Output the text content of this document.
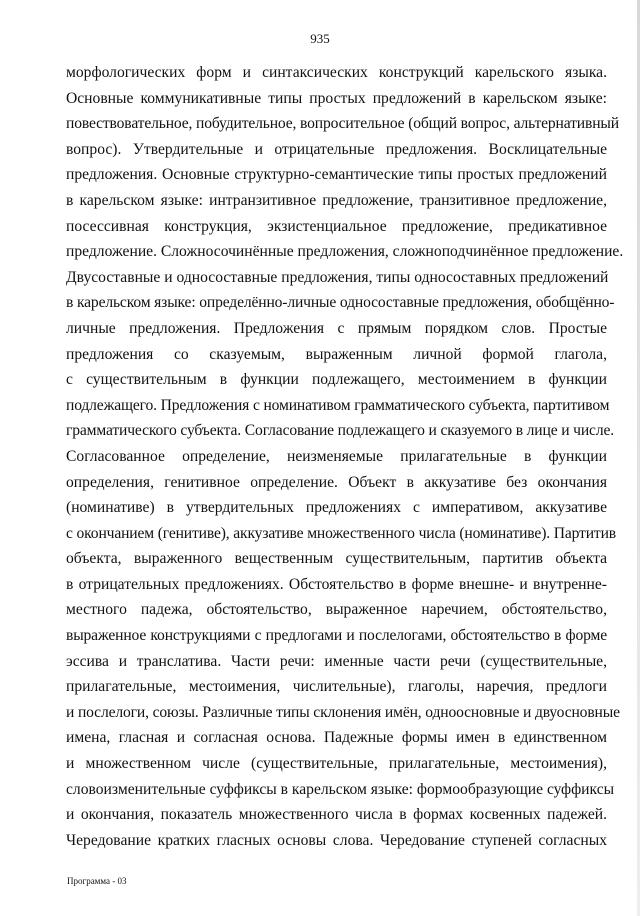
935
морфологических форм и синтаксических конструкций карельского языка.
Основные коммуникативные типы простых предложений в карельском языке:
повествовательное, побудительное, вопросительное (общий вопрос, альтернативный
вопрос). Утвердительные и отрицательные предложения. Восклицательные
предложения. Основные структурно-семантические типы простых предложений
в карельском языке: интранзитивное предложение, транзитивное предложение,
посессивная конструкция, экзистенциальное предложение, предикативное
предложение. Сложносочинённые предложения, сложноподчинённое предложение.
Двусоставные и односоставные предложения, типы односоставных предложений
в карельском языке: определённо-личные односоставные предложения, обобщённо-
личные предложения. Предложения с прямым порядком слов. Простые
предложения со сказуемым, выраженным личной формой глагола,
с существительным в функции подлежащего, местоимением в функции
подлежащего. Предложения с номинативом грамматического субъекта, партитивом
грамматического субъекта. Согласование подлежащего и сказуемого в лице и числе.
Согласованное определение, неизменяемые прилагательные в функции
определения, генитивное определение. Объект в аккузативе без окончания
(номинативе) в утвердительных предложениях с императивом, аккузативе
с окончанием (генитиве), аккузативе множественного числа (номинативе). Партитив
объекта, выраженного вещественным существительным, партитив объекта
в отрицательных предложениях. Обстоятельство в форме внешне- и внутренне-
местного падежа, обстоятельство, выраженное наречием, обстоятельство,
выраженное конструкциями с предлогами и послелогами, обстоятельство в форме
эссива и транслатива. Части речи: именные части речи (существительные,
прилагательные, местоимения, числительные), глаголы, наречия, предлоги
и послелоги, союзы. Различные типы склонения имён, одноосновные и двуосновные
имена, гласная и согласная основа. Падежные формы имен в единственном
и множественном числе (существительные, прилагательные, местоимения),
словоизменительные суффиксы в карельском языке: формообразующие суффиксы
и окончания, показатель множественного числа в формах косвенных падежей.
Чередование кратких гласных основы слова. Чередование ступеней согласных
Программа - 03
